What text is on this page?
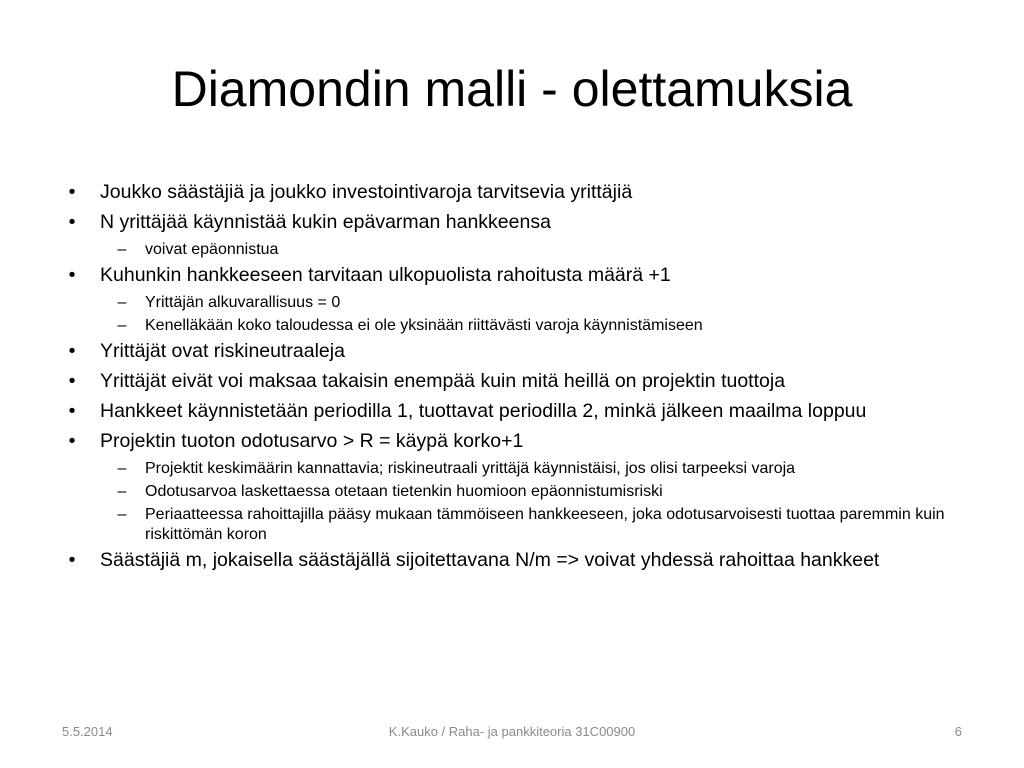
Diamondin malli - olettamuksia
•	Joukko säästäjiä ja joukko investointivaroja tarvitsevia yrittäjiä
•	N yrittäjää käynnistää kukin epävarman hankkeensa
–	voivat epäonnistua
•	Kuhunkin hankkeeseen tarvitaan ulkopuolista rahoitusta määrä +1
–	Yrittäjän alkuvarallisuus = 0
–	Kenelläkään koko taloudessa ei ole yksinään riittävästi varoja käynnistämiseen
•	Yrittäjät ovat riskineutraaleja
•	Yrittäjät eivät voi maksaa takaisin enempää kuin mitä heillä on projektin tuottoja
•	Hankkeet käynnistetään periodilla 1, tuottavat periodilla 2, minkä jälkeen maailma loppuu
•	Projektin tuoton odotusarvo > R = käypä korko+1
–	Projektit keskimäärin kannattavia; riskineutraali yrittäjä käynnistäisi, jos olisi tarpeeksi varoja
–	Odotusarvoa laskettaessa otetaan tietenkin huomioon epäonnistumisriski
–	Periaatteessa rahoittajilla pääsy mukaan tämmöiseen hankkeeseen, joka odotusarvoisesti tuottaa paremmin kuin riskittömän koron
•	Säästäjiä m, jokaisella säästäjällä sijoitettavana N/m => voivat yhdessä rahoittaa hankkeet
5.5.2014	K.Kauko / Raha- ja pankkiteoria 31C00900	6
